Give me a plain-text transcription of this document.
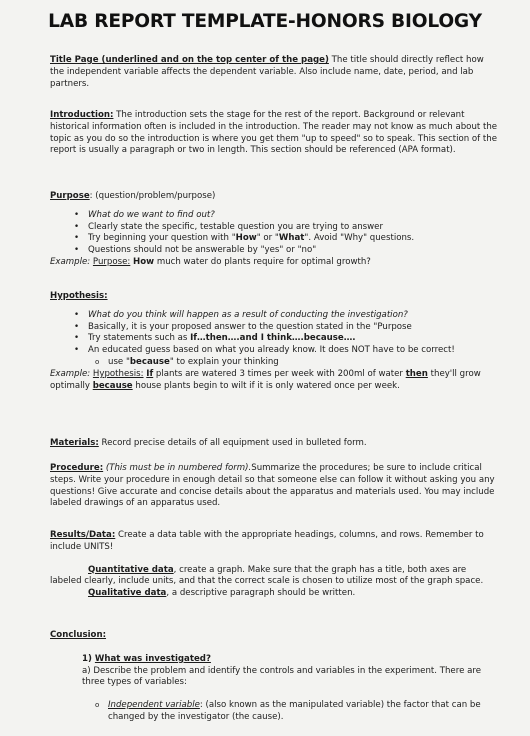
LAB REPORT TEMPLATE-HONORS BIOLOGY

Title Page (underlined and on the top center of the page) The title should directly reflect how the independent variable affects the dependent variable. Also include name, date, period, and lab partners.

Introduction: The introduction sets the stage for the rest of the report. Background or relevant historical information often is included in the introduction. The reader may not know as much about the topic as you do so the introduction is where you get them "up to speed" so to speak. This section of the report is usually a paragraph or two in length. This section should be referenced (APA format).

Purpose: (question/problem/purpose)

• What do we want to find out?
• Clearly state the specific, testable question you are trying to answer
• Try beginning your question with "How" or "What". Avoid "Why" questions.
• Questions should not be answerable by "yes" or "no"

Example: Purpose: How much water do plants require for optimal growth?

Hypothesis:

• What do you think will happen as a result of conducting the investigation?
• Basically, it is your proposed answer to the question stated in the "Purpose
• Try statements such as If…then….and I think….because….
• An educated guess based on what you already know. It does NOT have to be correct!
o use "because" to explain your thinking

Example: Hypothesis: If plants are watered 3 times per week with 200ml of water then they'll grow optimally because house plants begin to wilt if it is only watered once per week.

Materials: Record precise details of all equipment used in bulleted form.

Procedure: (This must be in numbered form).Summarize the procedures; be sure to include critical steps. Write your procedure in enough detail so that someone else can follow it without asking you any questions! Give accurate and concise details about the apparatus and materials used. You may include labeled drawings of an apparatus used.

Results/Data: Create a data table with the appropriate headings, columns, and rows. Remember to include UNITS!

Quantitative data, create a graph. Make sure that the graph has a title, both axes are labeled clearly, include units, and that the correct scale is chosen to utilize most of the graph space.

Qualitative data, a descriptive paragraph should be written.

Conclusion:

1) What was investigated?

a) Describe the problem and identify the controls and variables in the experiment. There are three types of variables:

o Independent variable: (also known as the manipulated variable) the factor that can be changed by the investigator (the cause).
